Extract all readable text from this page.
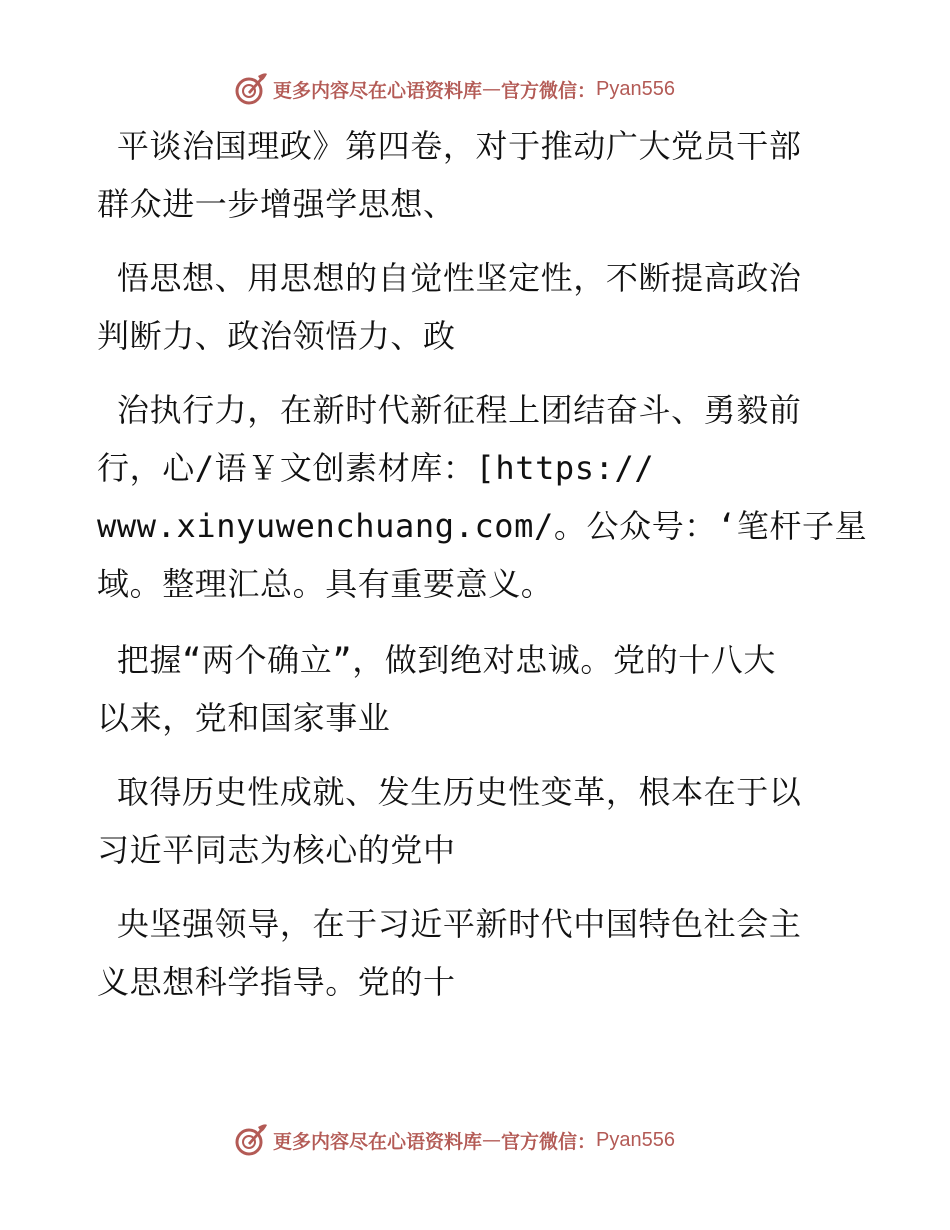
更多内容尽在心语资料库 — 官方微信： Pyan556
平谈治国理政》第四卷，对于推动广大党员干部
群众进一步增强学思想、
悟思想、用思想的自觉性坚定性，不断提高政治
判断力、政治领悟力、政
治执行力，在新时代新征程上团结奋斗、勇毅前
行，心/语￥文创素材库：[https://
www.xinyuwenchuang.com/。公众号：‘笔杆子星
域。整理汇总。具有重要意义。
把握“两个确立”，做到绝对忠诚。党的十八大
以来，党和国家事业
取得历史性成就、发生历史性变革，根本在于以
习近平同志为核心的党中
央坚强领导，在于习近平新时代中国特色社会主
义思想科学指导。党的十
更多内容尽在心语资料库 — 官方微信： Pyan556
